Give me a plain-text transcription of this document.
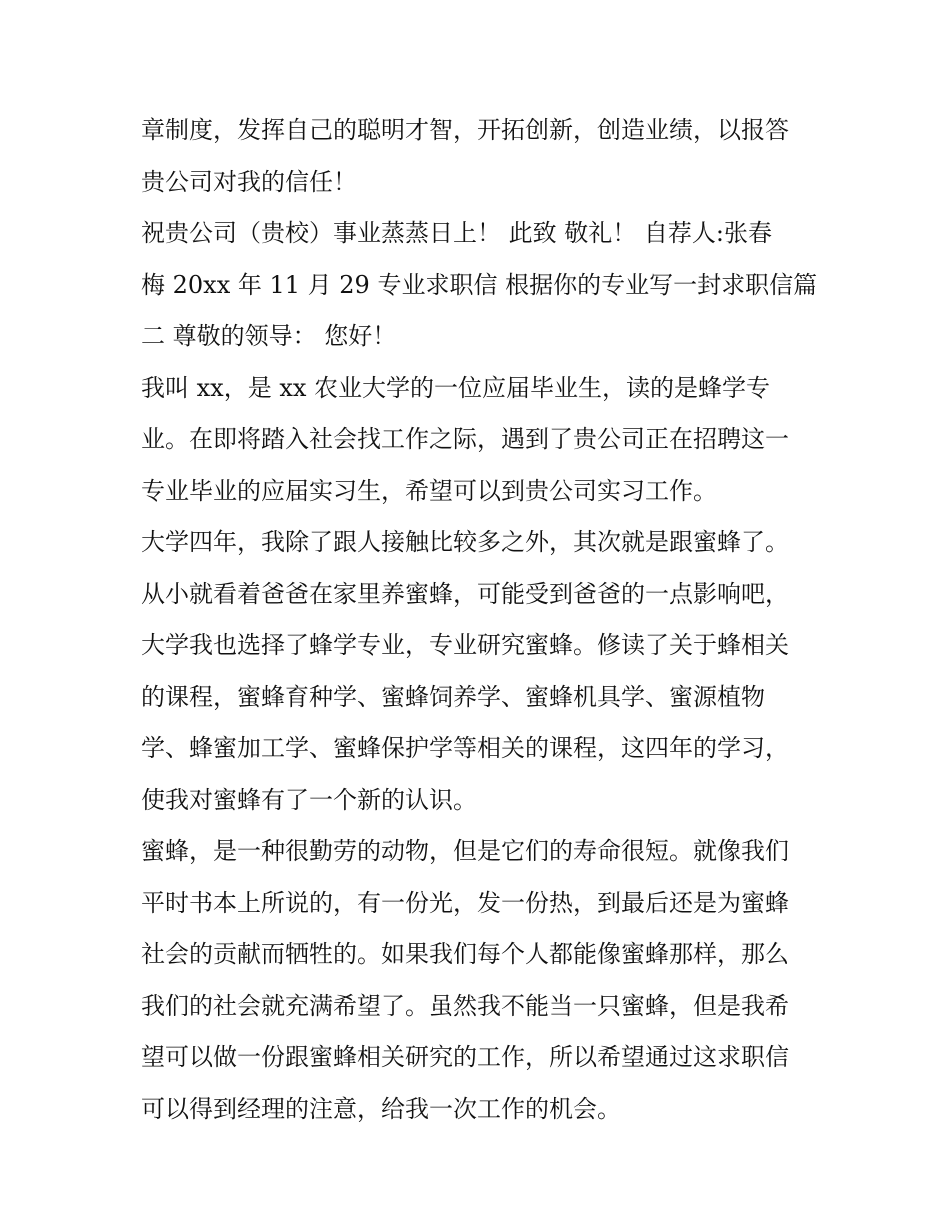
章制度，发挥自己的聪明才智，开拓创新，创造业绩，以报答
贵公司对我的信任！
祝贵公司（贵校）事业蒸蒸日上！ 此致 敬礼！ 自荐人:张春
梅 20xx 年 11 月 29 专业求职信 根据你的专业写一封求职信篇
二 尊敬的领导： 您好！
我叫 xx，是 xx 农业大学的一位应届毕业生，读的是蜂学专
业。在即将踏入社会找工作之际，遇到了贵公司正在招聘这一
专业毕业的应届实习生，希望可以到贵公司实习工作。
大学四年，我除了跟人接触比较多之外，其次就是跟蜜蜂了。
从小就看着爸爸在家里养蜜蜂，可能受到爸爸的一点影响吧，
大学我也选择了蜂学专业，专业研究蜜蜂。修读了关于蜂相关
的课程，蜜蜂育种学、蜜蜂饲养学、蜜蜂机具学、蜜源植物
学、蜂蜜加工学、蜜蜂保护学等相关的课程，这四年的学习，
使我对蜜蜂有了一个新的认识。
蜜蜂，是一种很勤劳的动物，但是它们的寿命很短。就像我们
平时书本上所说的，有一份光，发一份热，到最后还是为蜜蜂
社会的贡献而牺牲的。如果我们每个人都能像蜜蜂那样，那么
我们的社会就充满希望了。虽然我不能当一只蜜蜂，但是我希
望可以做一份跟蜜蜂相关研究的工作，所以希望通过这求职信
可以得到经理的注意，给我一次工作的机会。
